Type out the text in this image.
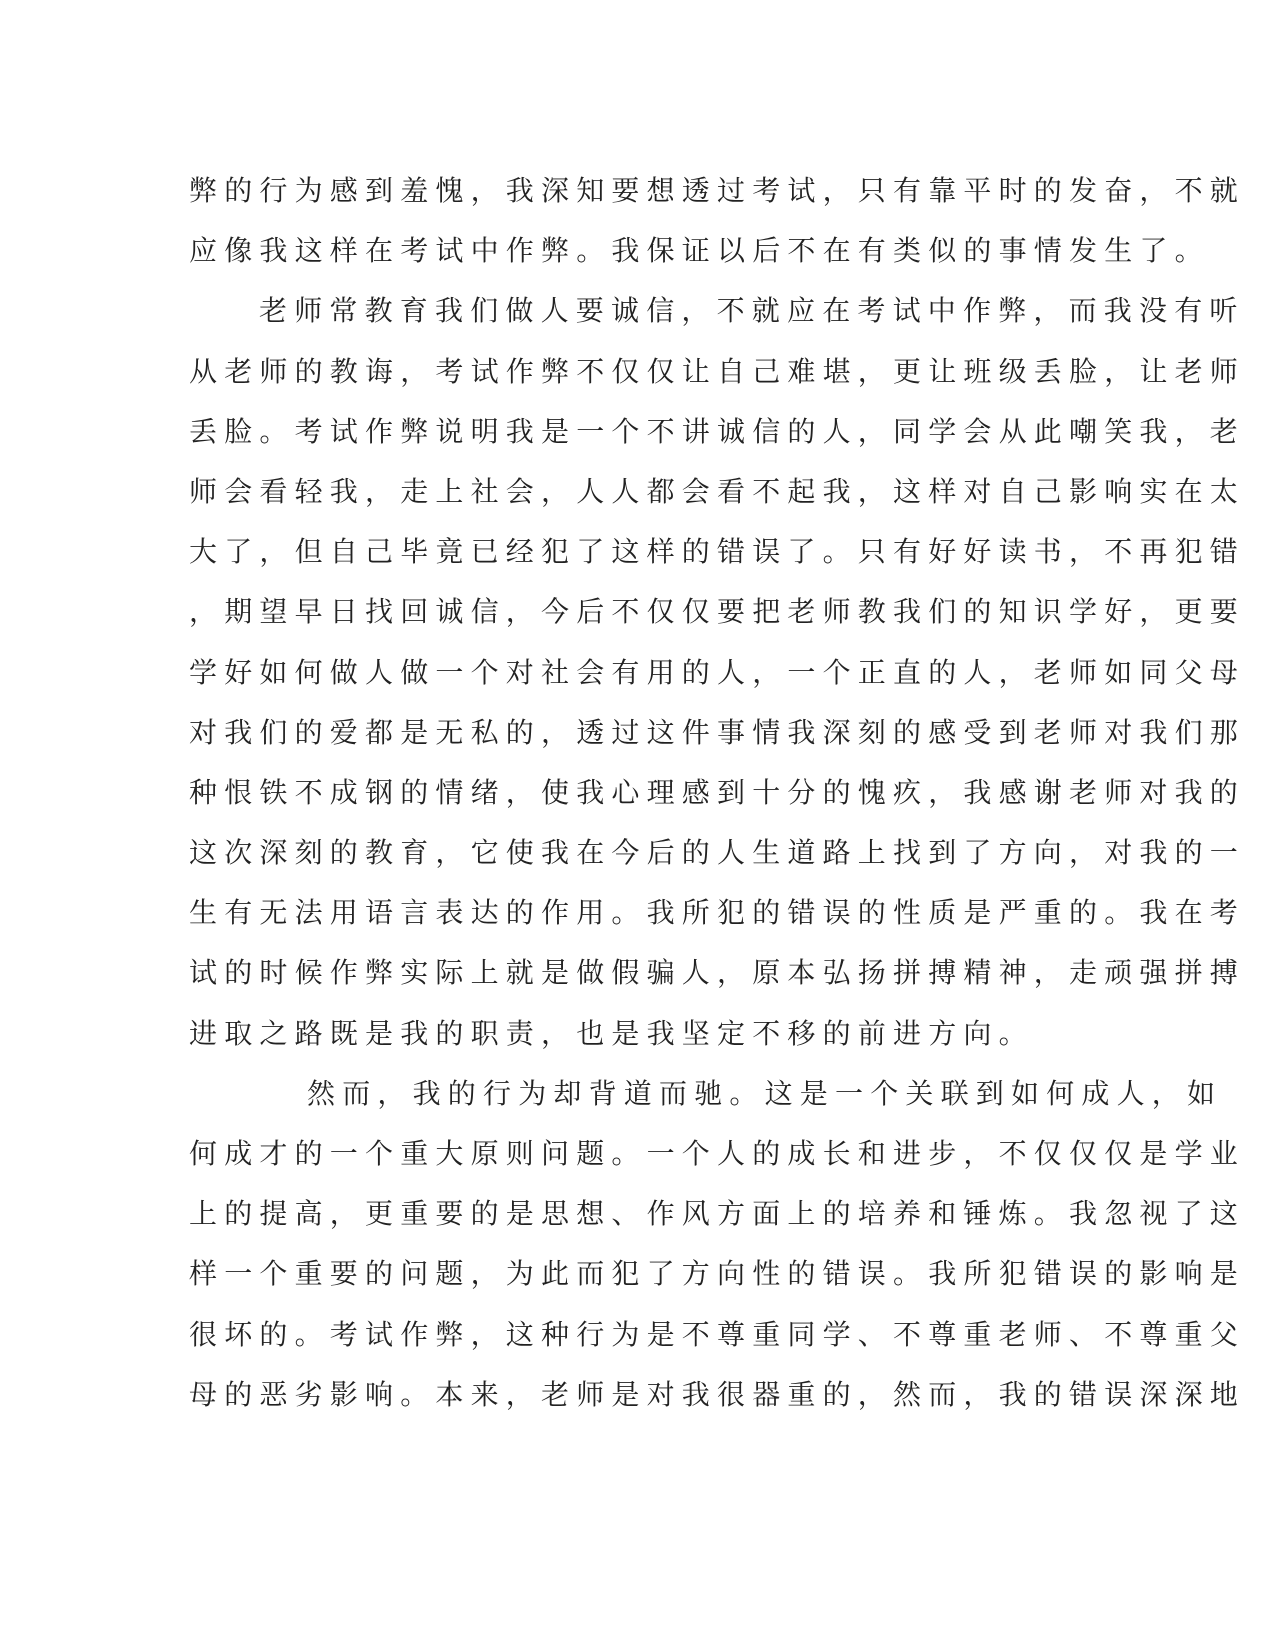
弊的行为感到羞愧，我深知要想透过考试，只有靠平时的发奋，不就
应像我这样在考试中作弊。我保证以后不在有类似的事情发生了。
老师常教育我们做人要诚信，不就应在考试中作弊，而我没有听
从老师的教诲，考试作弊不仅仅让自己难堪，更让班级丢脸，让老师
丢脸。考试作弊说明我是一个不讲诚信的人，同学会从此嘲笑我，老
师会看轻我，走上社会，人人都会看不起我，这样对自己影响实在太
大了，但自己毕竟已经犯了这样的错误了。只有好好读书，不再犯错
，期望早日找回诚信，今后不仅仅要把老师教我们的知识学好，更要
学好如何做人做一个对社会有用的人，一个正直的人，老师如同父母
对我们的爱都是无私的，透过这件事情我深刻的感受到老师对我们那
种恨铁不成钢的情绪，使我心理感到十分的愧疚，我感谢老师对我的
这次深刻的教育，它使我在今后的人生道路上找到了方向，对我的一
生有无法用语言表达的作用。我所犯的错误的性质是严重的。我在考
试的时候作弊实际上就是做假骗人，原本弘扬拼搏精神，走顽强拼搏
进取之路既是我的职责，也是我坚定不移的前进方向。
然而，我的行为却背道而驰。这是一个关联到如何成人，如
何成才的一个重大原则问题。一个人的成长和进步，不仅仅仅是学业
上的提高，更重要的是思想、作风方面上的培养和锤炼。我忽视了这
样一个重要的问题，为此而犯了方向性的错误。我所犯错误的影响是
很坏的。考试作弊，这种行为是不尊重同学、不尊重老师、不尊重父
母的恶劣影响。本来，老师是对我很器重的，然而，我的错误深深地
